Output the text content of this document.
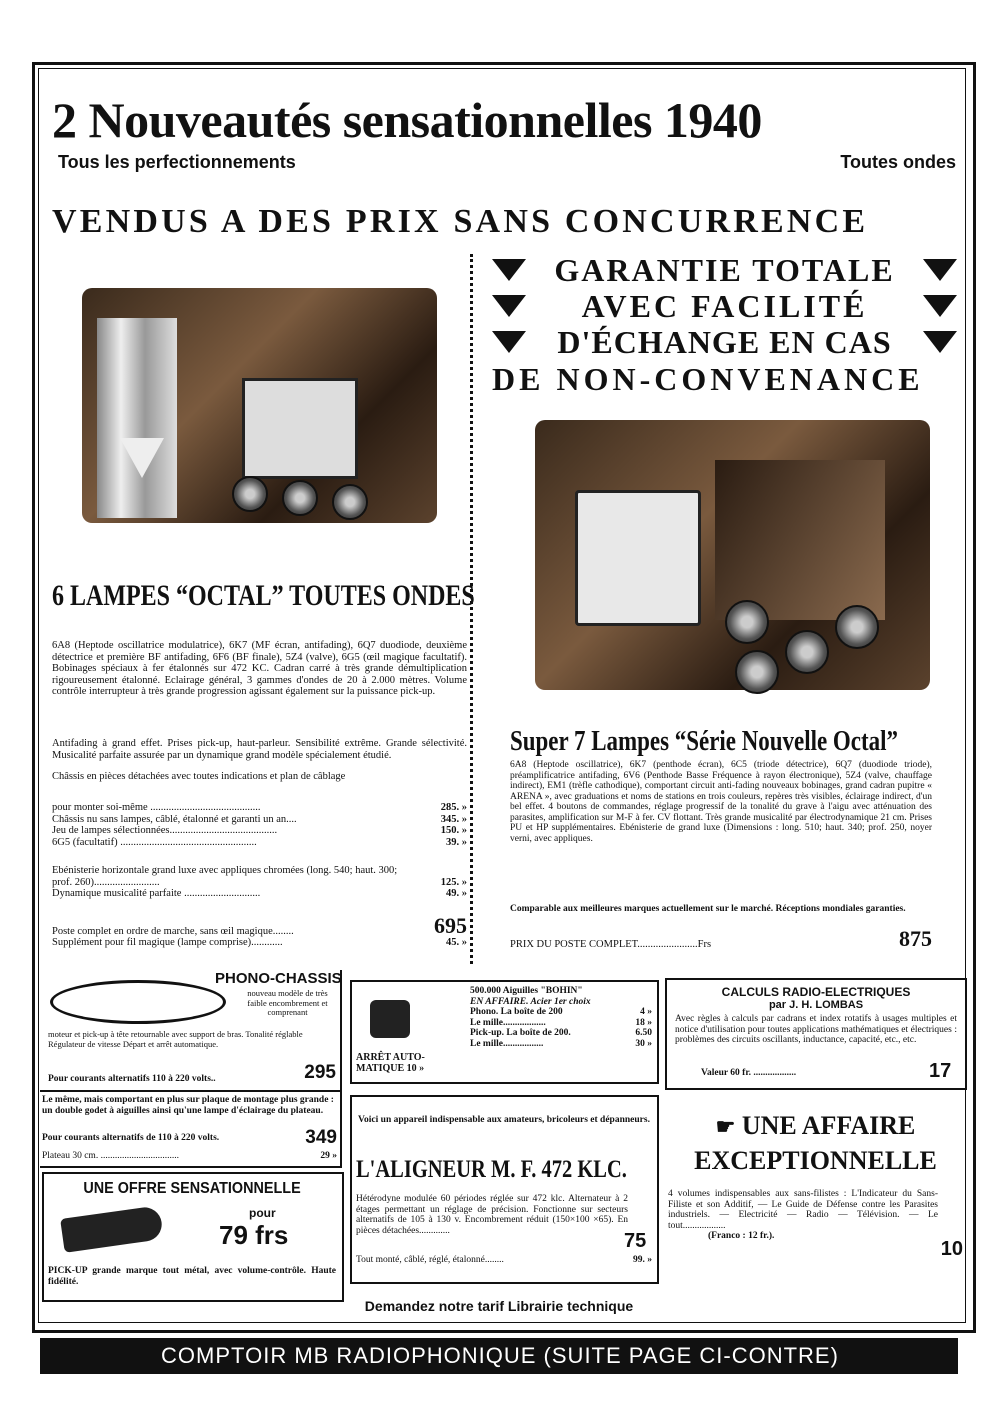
2 Nouveautés sensationnelles 1940
Tous les perfectionnements	Toutes ondes
VENDUS A DES PRIX SANS CONCURRENCE
GARANTIE TOTALE
AVEC FACILITÉ
D'ÉCHANGE EN CAS
DE NON-CONVENANCE
6 LAMPES “OCTAL” TOUTES ONDES
6A8 (Heptode oscillatrice modulatrice), 6K7 (MF écran, antifading), 6Q7 duodiode, deuxième détectrice et première BF antifading, 6F6 (BF finale), 5Z4 (valve), 6G5 (œil magique facultatif). Bobinages spéciaux à fer étalonnés sur 472 KC. Cadran carré à très grande démultiplication rigoureusement étalonné. Eclairage général, 3 gammes d'ondes de 20 à 2.000 mètres. Volume contrôle interrupteur à très grande progression agissant également sur la puissance pick-up.
Antifading à grand effet. Prises pick-up, haut-parleur. Sensibilité extrême. Grande sélectivité. Musicalité parfaite assurée par un dynamique grand modèle spécialement étudié.
Châssis en pièces détachées avec toutes indications et plan de câblage
pour monter soi-même ..........................................	285. »
Châssis nu sans lampes, câblé, étalonné et garanti un an....	345. »
Jeu de lampes sélectionnées.........................................	150. »
6G5 (facultatif) ....................................................	39. »
Ebénisterie horizontale grand luxe avec appliques chromées (long. 540; haut. 300; prof. 260).........................	125. »
Dynamique musicalité parfaite .............................	49. »
Poste complet en ordre de marche, sans œil magique........	695
Supplément pour fil magique (lampe comprise)............	45. »
Super 7 Lampes “Série Nouvelle Octal”
6A8 (Heptode oscillatrice), 6K7 (penthode écran), 6C5 (triode détectrice), 6Q7 (duodiode triode), préamplificatrice antifading, 6V6 (Penthode Basse Fréquence à rayon électronique), 5Z4 (valve, chauffage indirect), EM1 (trèfle cathodique), comportant circuit anti-fading nouveaux bobinages, grand cadran pupitre « ARENA », avec graduations et noms de stations en trois couleurs, repères très visibles, éclairage indirect, d'un bel effet. 4 boutons de commandes, réglage progressif de la tonalité du grave à l'aigu avec atténuation des parasites, amplification sur M-F à fer. CV flottant. Très grande musicalité par électrodynamique 21 cm. Prises PU et HP supplémentaires. Ebénisterie de grand luxe (Dimensions : long. 510; haut. 340; prof. 250, noyer verni, avec appliques.
Comparable aux meilleures marques actuellement sur le marché. Réceptions mondiales garanties.
PRIX DU POSTE COMPLET.......................Frs	875
PHONO-CHASSIS
nouveau modèle de très faible encombrement et comprenant
moteur et pick-up à tête retournable avec support de bras. Tonalité réglable Régulateur de vitesse Départ et arrêt automatique.
Pour courants alternatifs 110 à 220 volts..	295
Le même, mais comportant en plus sur plaque de montage plus grande : un double godet à aiguilles ainsi qu'une lampe d'éclairage du plateau.
Pour courants alternatifs de 110 à 220 volts.	349
Plateau 30 cm. .................................	29 »
UNE OFFRE SENSATIONNELLE
pour
79 frs
PICK-UP grande marque tout métal, avec volume-contrôle. Haute fidélité.
ARRÊT AUTO-MATIQUE 10 »
500.000 Aiguilles "BOHIN"
EN AFFAIRE. Acier 1er choix
Phono. La boîte de 200	4 »
Le mille..................	18 »
Pick-up. La boîte de 200.	6.50
Le mille.................	30 »
Voici un appareil indispensable aux amateurs, bricoleurs et dépanneurs.
L'ALIGNEUR M. F. 472 KLC.
Hétérodyne modulée 60 périodes réglée sur 472 klc. Alternateur à 2 étages permettant un réglage de précision. Fonctionne sur secteurs alternatifs de 105 à 130 v. Encombrement réduit (150×100 ×65). En pièces détachées.............	75
Tout monté, câblé, réglé, étalonné........	99. »
CALCULS RADIO-ELECTRIQUES
par J. H. LOMBAS
Avec règles à calculs par cadrans et index rotatifs à usages multiples et notice d'utilisation pour toutes applications mathématiques et électriques : problèmes des circuits oscillants, inductance, capacité, etc., etc.
Valeur 60 fr. ..................	17
☛ UNE AFFAIRE
EXCEPTIONNELLE
4 volumes indispensables aux sans-filistes : L'Indicateur du Sans-Filiste et son Additif, — Le Guide de Défense contre les Parasites industriels. — Electricité — Radio — Télévision. — Le tout..................
(Franco : 12 fr.).
10
Demandez notre tarif Librairie technique
COMPTOIR MB RADIOPHONIQUE (SUITE PAGE CI-CONTRE)
